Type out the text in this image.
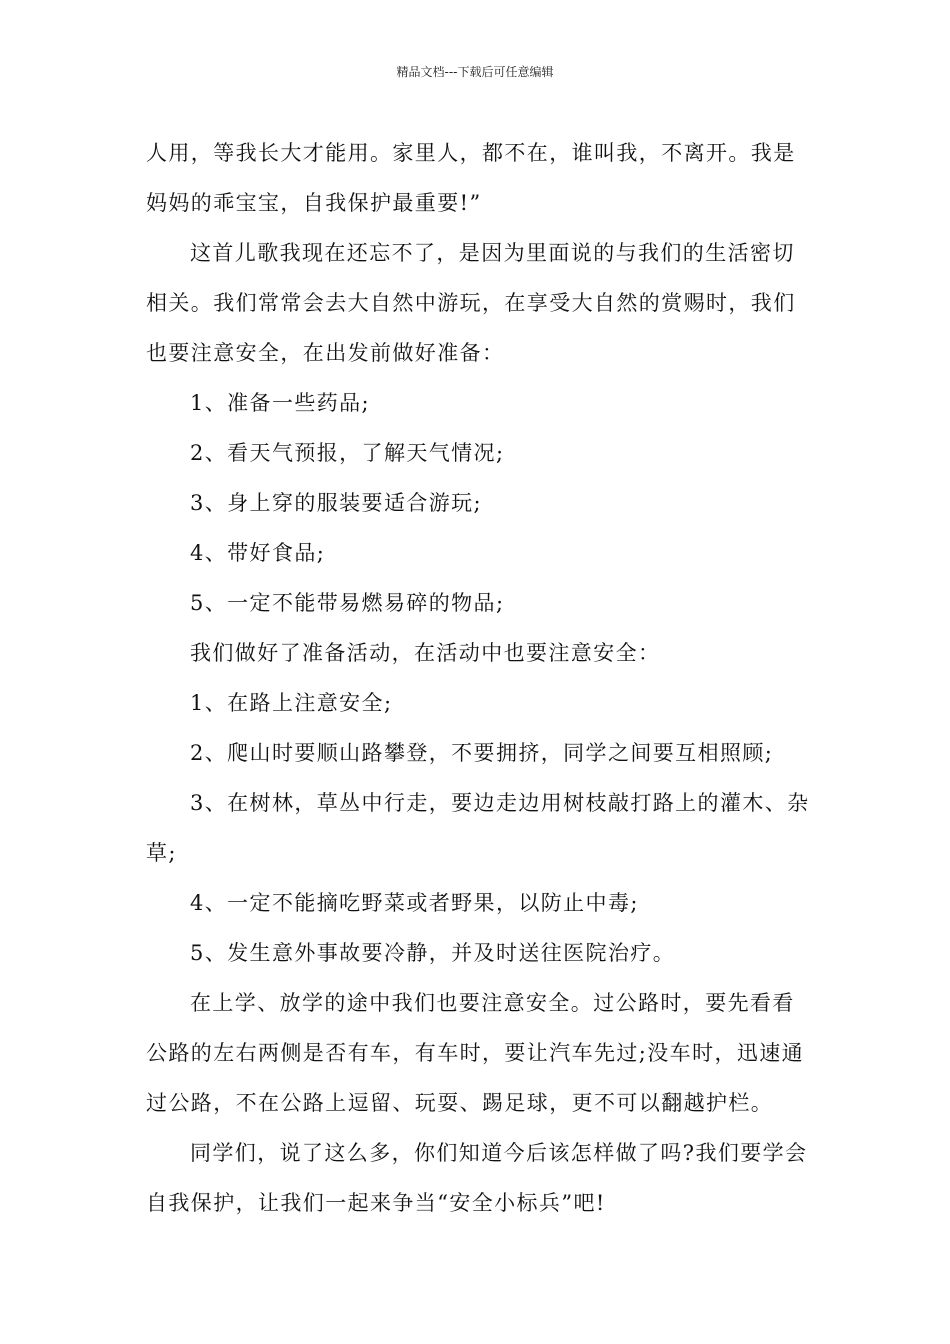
精品文档---下载后可任意编辑

人用，等我长大才能用。家里人，都不在，谁叫我，不离开。我是妈妈的乖宝宝，自我保护最重要!”

这首儿歌我现在还忘不了，是因为里面说的与我们的生活密切相关。我们常常会去大自然中游玩，在享受大自然的赏赐时，我们也要注意安全，在出发前做好准备：

1、准备一些药品;

2、看天气预报，了解天气情况;

3、身上穿的服装要适合游玩;

4、带好食品;

5、一定不能带易燃易碎的物品;

我们做好了准备活动，在活动中也要注意安全：

1、在路上注意安全;

2、爬山时要顺山路攀登，不要拥挤，同学之间要互相照顾;

3、在树林，草丛中行走，要边走边用树枝敲打路上的灌木、杂草;

4、一定不能摘吃野菜或者野果，以防止中毒;

5、发生意外事故要冷静，并及时送往医院治疗。

在上学、放学的途中我们也要注意安全。过公路时，要先看看公路的左右两侧是否有车，有车时，要让汽车先过;没车时，迅速通过公路，不在公路上逗留、玩耍、踢足球，更不可以翻越护栏。

同学们，说了这么多，你们知道今后该怎样做了吗?我们要学会自我保护，让我们一起来争当“安全小标兵”吧!
